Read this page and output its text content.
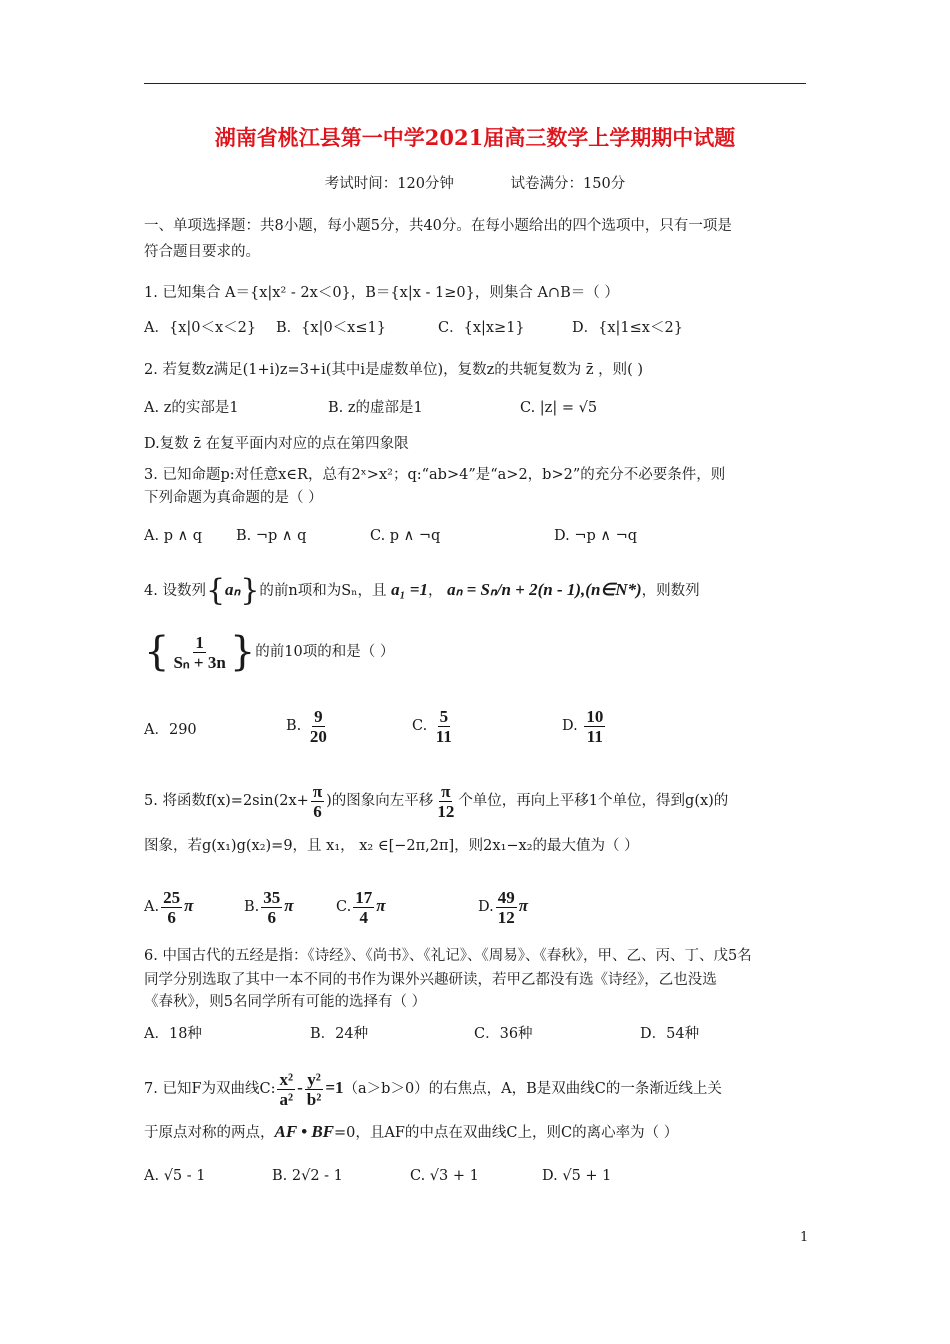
湖南省桃江县第一中学2021届高三数学上学期期中试题
考试时间：120分钟	试卷满分：150分
一、单项选择题：共8小题，每小题5分，共40分。在每小题给出的四个选项中，只有一项是
符合题目要求的。
1. 已知集合 A＝{x|x² - 2x＜0}，B＝{x|x - 1≥0}，则集合 A∩B＝（ ）
A．{x|0＜x＜2} B．{x|0＜x≤1}	C．{x|x≥1}	D．{x|1≤x＜2}
2. 若复数z满足(1+i)z=3+i(其中i是虚数单位)，复数z的共轭复数为 z̄ ，则( )
A. z的实部是1	B. z的虚部是1	C. |z| = √5
D.复数 z̄ 在复平面内对应的点在第四象限
3. 已知命题p:对任意x∈R，总有2ˣ>x²；q:“ab>4”是“a>2，b>2”的充分不必要条件，则
下列命题为真命题的是（ ）
A. p ∧ q B. ¬p ∧ q	C. p ∧ ¬q	D. ¬p ∧ ¬q
4. 设数列{aₙ}的前n项和为Sₙ，且 a₁ =1， aₙ = Sₙ/n + 2(n - 1),(n∈N*)，则数列
{ $\frac{1}{\text{Sₙ + 3n}}$ }的前10项的和是（ ）
A．290	B. $\frac{9}{20}$	C. $\frac{5}{11}$	D. $\frac{10}{11}$
5. 将函数$f(x)=2\sin(2x+ \frac{\pi}{6}$ )的图象向左平移 $\frac{\pi}{12}$ 个单位，再向上平移1个单位，得到g(x)的
图象，若g(x₁)g(x₂)=9，且 x₁， x₂ ∈[−2π,2π]，则2x₁−x₂的最大值为（ ）
A. $\frac{25}{6}$ π	B. $\frac{35}{6}$ π	C. $\frac{17}{4}$ π	D. $\frac{49}{12}$ π
6. 中国古代的五经是指：《诗经》、《尚书》、《礼记》、《周易》、《春秋》，甲、乙、丙、丁、戊5名
同学分别选取了其中一本不同的书作为课外兴趣研读，若甲乙都没有选《诗经》，乙也没选
《春秋》，则5名同学所有可能的选择有（ ）
A．18种	B．24种	C．36种	D．54种
7. 已知F为双曲线C: $\frac{\text{x²}}{\text{a²}} - \frac{\text{y²}}{\text{b²}} =1(a>b>0)$的右焦点，A，B是双曲线C的一条渐近线上关
于原点对称的两点，AF • BF=0，且AF的中点在双曲线C上，则C的离心率为（ ）
A. √5 - 1	B. 2√2 - 1	C. √3 + 1	D. √5 + 1
1
